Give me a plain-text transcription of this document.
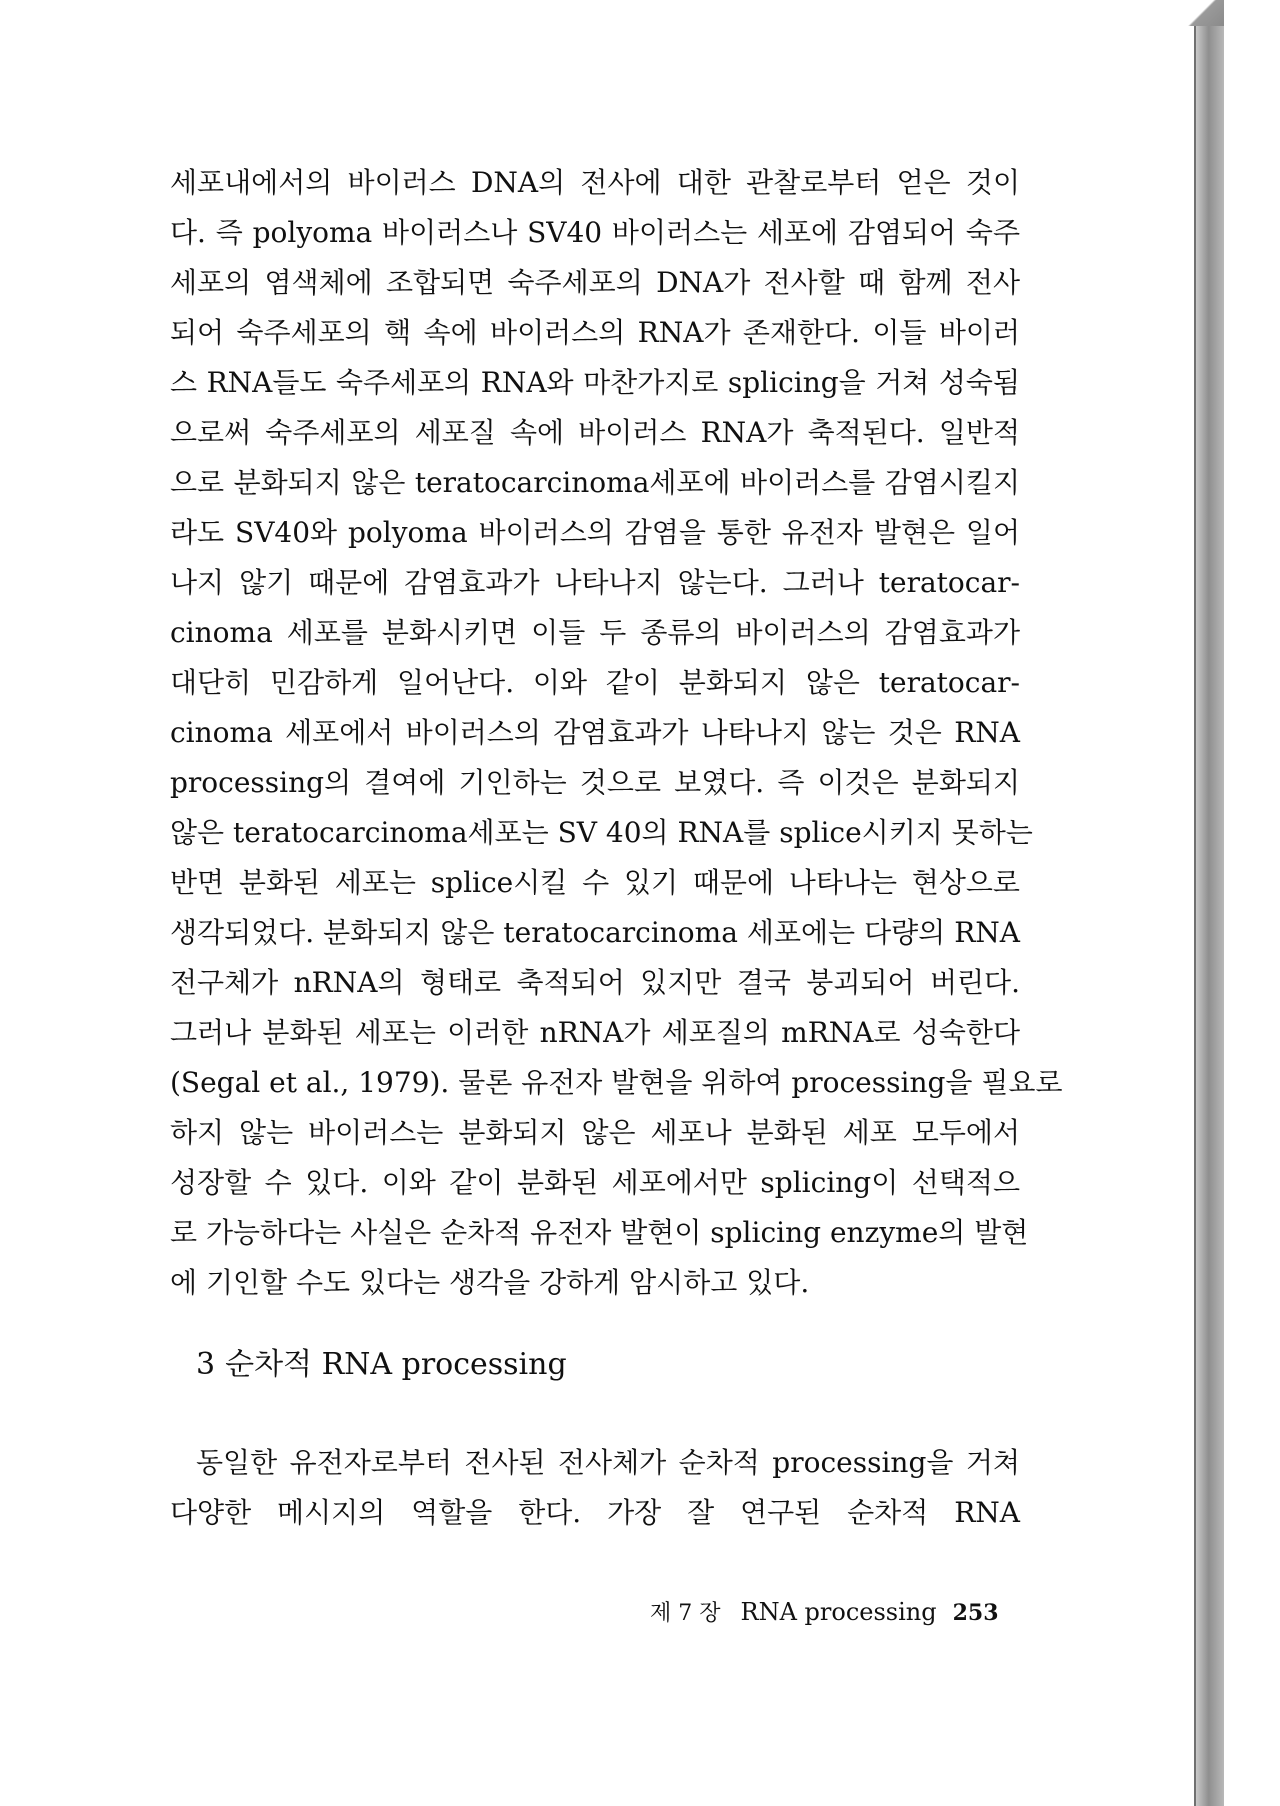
세포내에서의 바이러스 DNA의 전사에 대한 관찰로부터 얻은 것이
다. 즉 polyoma 바이러스나 SV40 바이러스는 세포에 감염되어 숙주
세포의 염색체에 조합되면 숙주세포의 DNA가 전사할 때 함께 전사
되어 숙주세포의 핵 속에 바이러스의 RNA가 존재한다. 이들 바이러
스 RNA들도 숙주세포의 RNA와 마찬가지로 splicing을 거쳐 성숙됨
으로써 숙주세포의 세포질 속에 바이러스 RNA가 축적된다. 일반적
으로 분화되지 않은 teratocarcinoma세포에 바이러스를 감염시킬지
라도 SV40와 polyoma 바이러스의 감염을 통한 유전자 발현은 일어
나지 않기 때문에 감염효과가 나타나지 않는다. 그러나 teratocar-
cinoma 세포를 분화시키면 이들 두 종류의 바이러스의 감염효과가
대단히 민감하게 일어난다. 이와 같이 분화되지 않은 teratocar-
cinoma 세포에서 바이러스의 감염효과가 나타나지 않는 것은 RNA
processing의 결여에 기인하는 것으로 보였다. 즉 이것은 분화되지
않은 teratocarcinoma세포는 SV 40의 RNA를 splice시키지 못하는
반면 분화된 세포는 splice시킬 수 있기 때문에 나타나는 현상으로
생각되었다. 분화되지 않은 teratocarcinoma 세포에는 다량의 RNA
전구체가 nRNA의 형태로 축적되어 있지만 결국 붕괴되어 버린다.
그러나 분화된 세포는 이러한 nRNA가 세포질의 mRNA로 성숙한다
(Segal et al., 1979). 물론 유전자 발현을 위하여 processing을 필요로
하지 않는 바이러스는 분화되지 않은 세포나 분화된 세포 모두에서
성장할 수 있다. 이와 같이 분화된 세포에서만 splicing이 선택적으
로 가능하다는 사실은 순차적 유전자 발현이 splicing enzyme의 발현
에 기인할 수도 있다는 생각을 강하게 암시하고 있다.
3 순차적 RNA processing
동일한 유전자로부터 전사된 전사체가 순차적 processing을 거쳐
다양한 메시지의 역할을 한다. 가장 잘 연구된 순차적 RNA
제 7 장 RNA processing 253
